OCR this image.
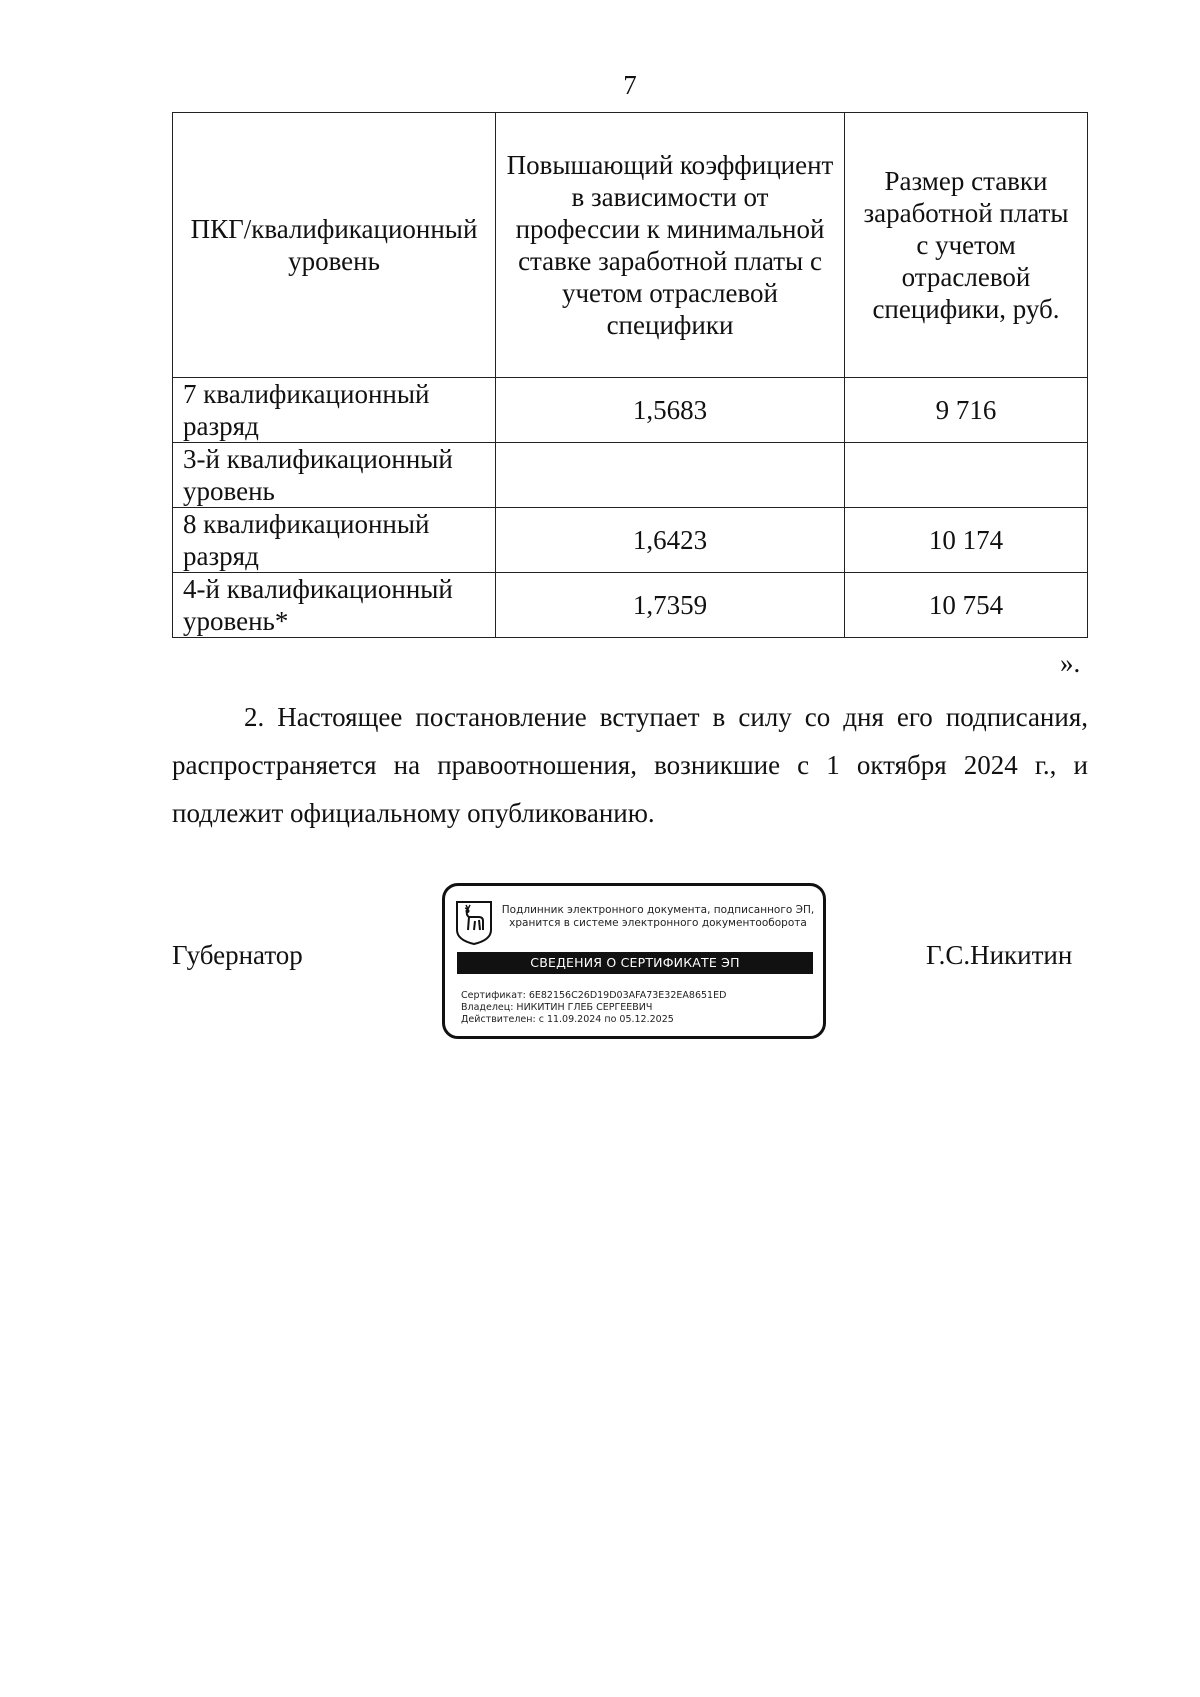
7
ПКГ/квалификационный уровень	Повышающий коэффициент в зависимости от профессии к минимальной ставке заработной платы с учетом отраслевой специфики	Размер ставки заработной платы с учетом отраслевой специфики, руб.
7 квалификационный разряд	1,5683	9 716
3-й квалификационный уровень		
8 квалификационный разряд	1,6423	10 174
4-й квалификационный уровень*	1,7359	10 754
».
2. Настоящее постановление вступает в силу со дня его подписания, распространяется на правоотношения, возникшие с 1 октября 2024 г., и подлежит официальному опубликованию.
Губернатор
Подлинник электронного документа, подписанного ЭП,
хранится в системе электронного документооборота
СВЕДЕНИЯ О СЕРТИФИКАТЕ ЭП
Сертификат: 6E82156C26D19D03AFA73E32EA8651ED
Владелец: НИКИТИН ГЛЕБ СЕРГЕЕВИЧ
Действителен: с 11.09.2024 по 05.12.2025
Г.С.Никитин
